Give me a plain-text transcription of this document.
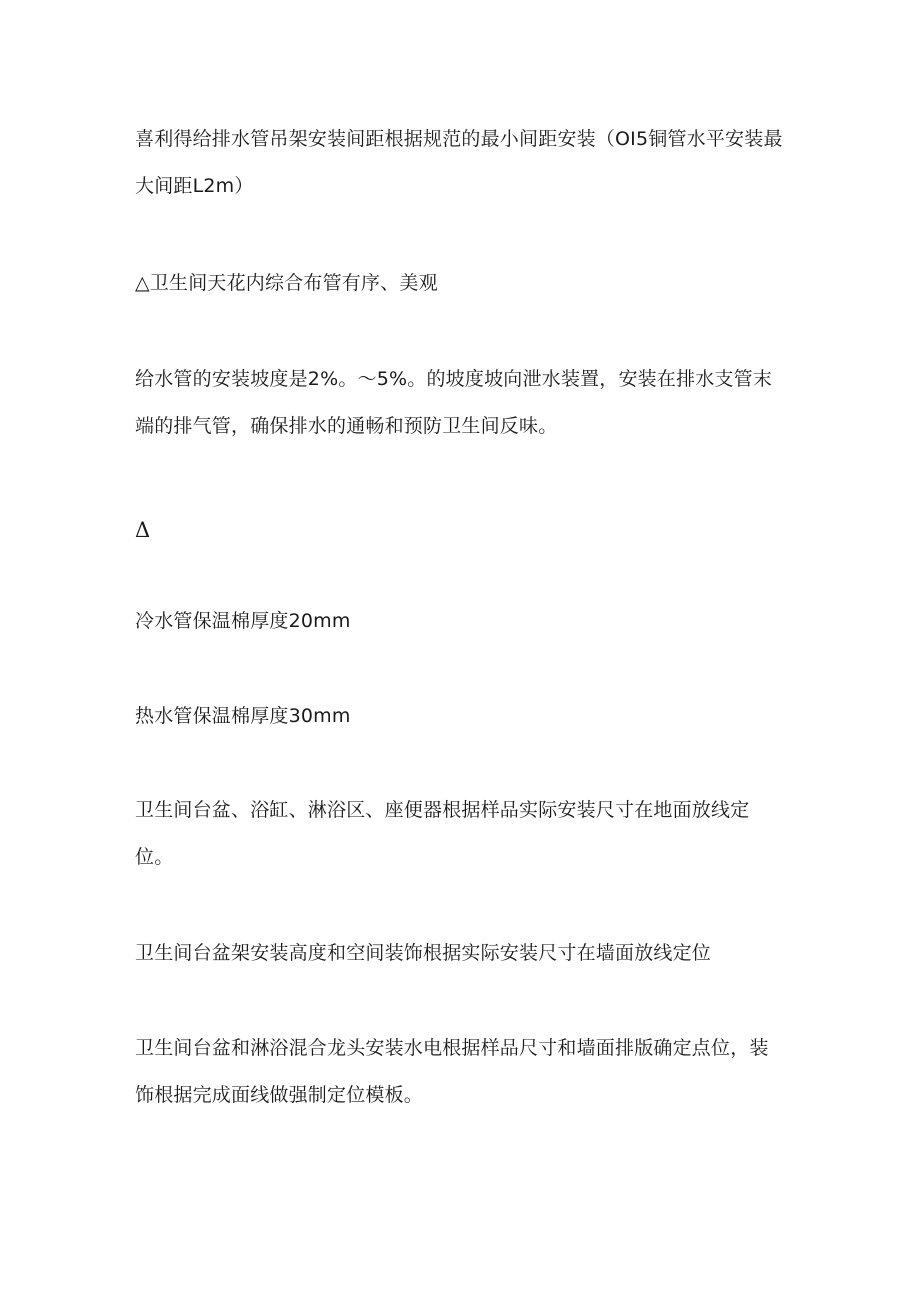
喜利得给排水管吊架安装间距根据规范的最小间距安装（OI5铜管水平安装最大间距L2m）

△卫生间天花内综合布管有序、美观

给水管的安装坡度是2%。～5%。的坡度坡向泄水装置，安装在排水支管末端的排气管，确保排水的通畅和预防卫生间反味。

Δ

冷水管保温棉厚度20mm

热水管保温棉厚度30mm

卫生间台盆、浴缸、淋浴区、座便器根据样品实际安装尺寸在地面放线定位。

卫生间台盆架安装高度和空间装饰根据实际安装尺寸在墙面放线定位

卫生间台盆和淋浴混合龙头安装水电根据样品尺寸和墙面排版确定点位，装饰根据完成面线做强制定位模板。
